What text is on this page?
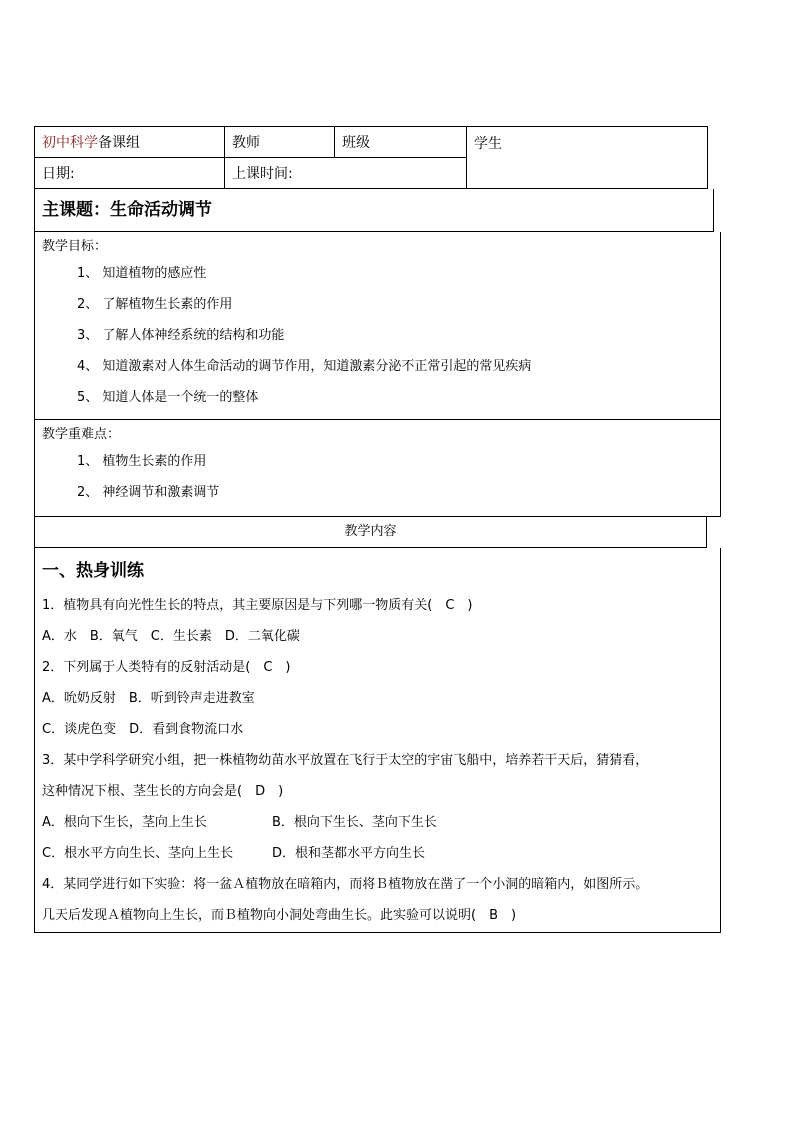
初中科学备课组	教师	班级	学生
日期:	上课时间:		
主课题：生命活动调节
教学目标：
1、 知道植物的感应性
2、 了解植物生长素的作用
3、 了解人体神经系统的结构和功能
4、 知道激素对人体生命活动的调节作用，知道激素分泌不正常引起的常见疾病
5、 知道人体是一个统一的整体
教学重难点：
1、 植物生长素的作用
2、 神经调节和激素调节
教学内容
一、热身训练
1．植物具有向光性生长的特点，其主要原因是与下列哪一物质有关(　C　)
A．水　B．氧气　C．生长素　D．二氧化碳
2．下列属于人类特有的反射活动是(　C　)
A．吮奶反射　B．听到铃声走进教室
C．谈虎色变　D．看到食物流口水
3．某中学科学研究小组，把一株植物幼苗水平放置在飞行于太空的宇宙飞船中，培养若干天后，猜猜看，
这种情况下根、茎生长的方向会是(　D　)
A．根向下生长，茎向上生长	B．根向下生长、茎向下生长
C．根水平方向生长、茎向上生长	D．根和茎都水平方向生长
4．某同学进行如下实验：将一盆Ａ植物放在暗箱内，而将Ｂ植物放在凿了一个小洞的暗箱内，如图所示。
几天后发现Ａ植物向上生长，而Ｂ植物向小洞处弯曲生长。此实验可以说明(　B　)
